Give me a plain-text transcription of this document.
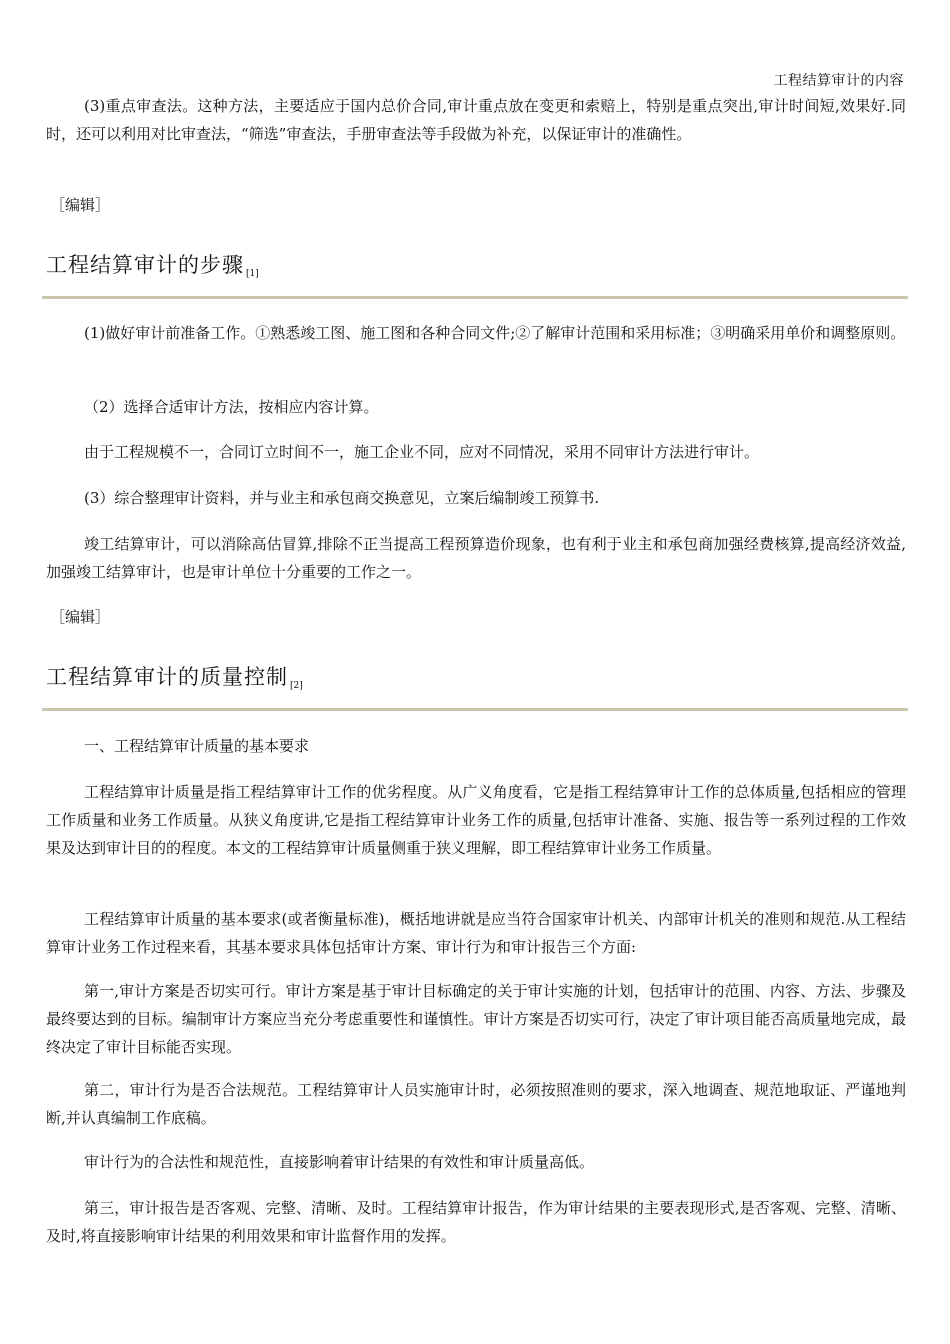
工程结算审计的内容

(3)重点审查法。这种方法，主要适应于国内总价合同,审计重点放在变更和索赔上，特别是重点突出,审计时间短,效果好.同时，还可以利用对比审查法，“筛选”审查法，手册审查法等手段做为补充，以保证审计的准确性。

［编辑］
工程结算审计的步骤 [1]

(1)做好审计前准备工作。①熟悉竣工图、施工图和各种合同文件;②了解审计范围和采用标准；③明确采用单价和调整原则。

（2）选择合适审计方法，按相应内容计算。

由于工程规模不一，合同订立时间不一，施工企业不同，应对不同情况，采用不同审计方法进行审计。

(3）综合整理审计资料，并与业主和承包商交换意见，立案后编制竣工预算书.

竣工结算审计，可以消除高估冒算,排除不正当提高工程预算造价现象，也有利于业主和承包商加强经费核算,提高经济效益,加强竣工结算审计，也是审计单位十分重要的工作之一。

［编辑］
工程结算审计的质量控制 [2]

一、工程结算审计质量的基本要求

工程结算审计质量是指工程结算审计工作的优劣程度。从广义角度看，它是指工程结算审计工作的总体质量,包括相应的管理工作质量和业务工作质量。从狭义角度讲,它是指工程结算审计业务工作的质量,包括审计准备、实施、报告等一系列过程的工作效果及达到审计目的的程度。本文的工程结算审计质量侧重于狭义理解，即工程结算审计业务工作质量。

工程结算审计质量的基本要求(或者衡量标准)，概括地讲就是应当符合国家审计机关、内部审计机关的准则和规范.从工程结算审计业务工作过程来看，其基本要求具体包括审计方案、审计行为和审计报告三个方面:

第一,审计方案是否切实可行。审计方案是基于审计目标确定的关于审计实施的计划，包括审计的范围、内容、方法、步骤及最终要达到的目标。编制审计方案应当充分考虑重要性和谨慎性。审计方案是否切实可行，决定了审计项目能否高质量地完成，最终决定了审计目标能否实现。

第二，审计行为是否合法规范。工程结算审计人员实施审计时，必须按照准则的要求，深入地调查、规范地取证、严谨地判断,并认真编制工作底稿。

审计行为的合法性和规范性，直接影响着审计结果的有效性和审计质量高低。

第三，审计报告是否客观、完整、清晰、及时。工程结算审计报告，作为审计结果的主要表现形式,是否客观、完整、清晰、及时,将直接影响审计结果的利用效果和审计监督作用的发挥。
